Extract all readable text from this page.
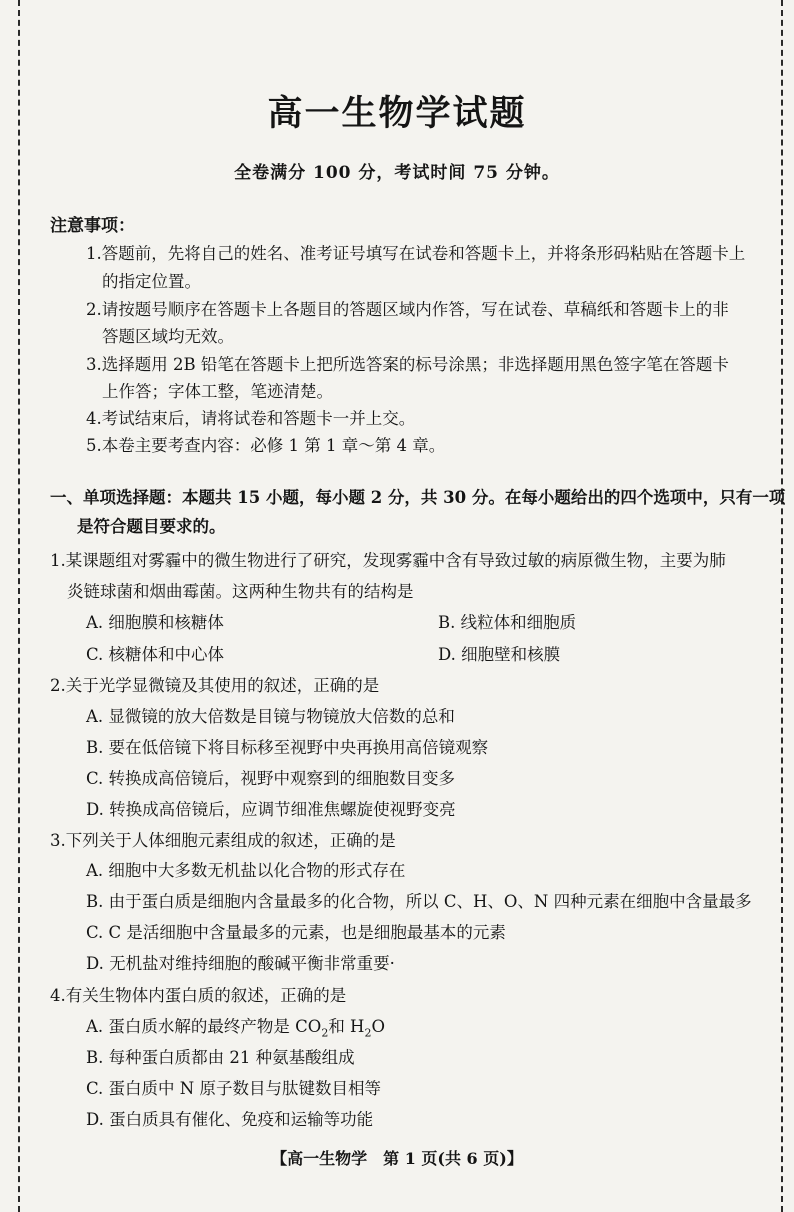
高一生物学试题
全卷满分 100 分，考试时间 75 分钟。
注意事项：
1.答题前，先将自己的姓名、准考证号填写在试卷和答题卡上，并将条形码粘贴在答题卡上
的指定位置。
2.请按题号顺序在答题卡上各题目的答题区域内作答，写在试卷、草稿纸和答题卡上的非
答题区域均无效。
3.选择题用 2B 铅笔在答题卡上把所选答案的标号涂黑；非选择题用黑色签字笔在答题卡
上作答；字体工整，笔迹清楚。
4.考试结束后，请将试卷和答题卡一并上交。
5.本卷主要考查内容：必修 1 第 1 章～第 4 章。
一、单项选择题：本题共 15 小题，每小题 2 分，共 30 分。在每小题给出的四个选项中，只有一项
是符合题目要求的。
1.某课题组对雾霾中的微生物进行了研究，发现雾霾中含有导致过敏的病原微生物，主要为肺
炎链球菌和烟曲霉菌。这两种生物共有的结构是
A. 细胞膜和核糖体	B. 线粒体和细胞质
C. 核糖体和中心体	D. 细胞壁和核膜
2.关于光学显微镜及其使用的叙述，正确的是
A. 显微镜的放大倍数是目镜与物镜放大倍数的总和
B. 要在低倍镜下将目标移至视野中央再换用高倍镜观察
C. 转换成高倍镜后，视野中观察到的细胞数目变多
D. 转换成高倍镜后，应调节细准焦螺旋使视野变亮
3.下列关于人体细胞元素组成的叙述，正确的是
A. 细胞中大多数无机盐以化合物的形式存在
B. 由于蛋白质是细胞内含量最多的化合物，所以 C、H、O、N 四种元素在细胞中含量最多
C. C 是活细胞中含量最多的元素，也是细胞最基本的元素
D. 无机盐对维持细胞的酸碱平衡非常重要·
4.有关生物体内蛋白质的叙述，正确的是
A. 蛋白质水解的最终产物是 $CO_2$和 $H_2O$
B. 每种蛋白质都由 21 种氨基酸组成
C. 蛋白质中 N 原子数目与肽键数目相等
D. 蛋白质具有催化、免疫和运输等功能
【高一生物学　第 1 页(共 6 页)】
